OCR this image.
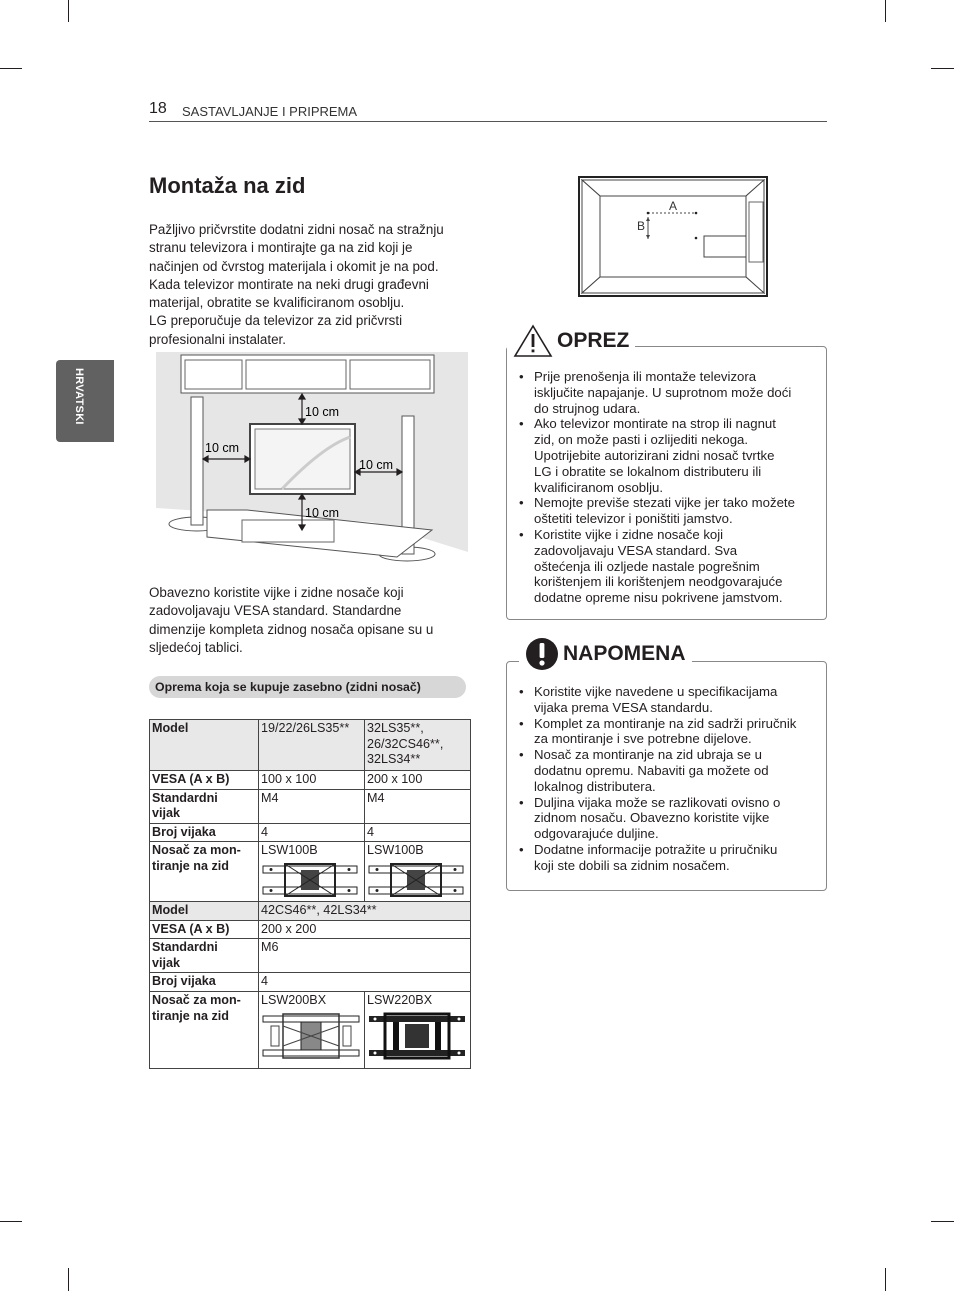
18 SASTAVLJANJE I PRIPREMA
HRVATSKI
Montaža na zid
Pažljivo pričvrstite dodatni zidni nosač na stražnju
stranu televizora i montirajte ga na zid koji je
načinjen od čvrstog materijala i okomit je na pod.
Kada televizor montirate na neki drugi građevni
materijal, obratite se kvalificiranom osoblju.
LG preporučuje da televizor za zid pričvrsti
profesionalni instalater.
10 cm
10 cm
10 cm
10 cm
Obavezno koristite vijke i zidne nosače koji
zadovoljavaju VESA standard. Standardne
dimenzije kompleta zidnog nosača opisane su u
sljedećoj tablici.
Oprema koja se kupuje zasebno (zidni nosač)
Model	19/22/26LS35**	32LS35**,
26/32CS46**,
32LS34**

VESA (A x B)	100 x 100	200 x 100

Standardni
vijak	M4	M4
Broj vijaka	4	4

Nosač za mon-
tiranje na zid	LSW100B	LSW100B
Model	42CS46**, 42LS34**	
VESA (A x B)	200 x 200	

Standardni
vijak	M6	
Broj vijaka	4	

Nosač za mon-
tiranje na zid	LSW200BX	LSW220BX
A
B
OPREZ
• Prije prenošenja ili montaže televizora
isključite napajanje. U suprotnom može doći
do strujnog udara.
• Ako televizor montirate na strop ili nagnut
zid, on može pasti i ozlijediti nekoga.
Upotrijebite autorizirani zidni nosač tvrtke
LG i obratite se lokalnom distributeru ili
kvalificiranom osoblju.
• Nemojte previše stezati vijke jer tako možete
oštetiti televizor i poništiti jamstvo.
• Koristite vijke i zidne nosače koji
zadovoljavaju VESA standard. Sva
oštećenja ili ozljede nastale pogrešnim
korištenjem ili korištenjem neodgovarajuće
dodatne opreme nisu pokrivene jamstvom.
NAPOMENA
• Koristite vijke navedene u specifikacijama
vijaka prema VESA standardu.
• Komplet za montiranje na zid sadrži priručnik
za montiranje i sve potrebne dijelove.
• Nosač za montiranje na zid ubraja se u
dodatnu opremu. Nabaviti ga možete od
lokalnog distributera.
• Duljina vijaka može se razlikovati ovisno o
zidnom nosaču. Obavezno koristite vijke
odgovarajuće duljine.
• Dodatne informacije potražite u priručniku
koji ste dobili sa zidnim nosačem.
